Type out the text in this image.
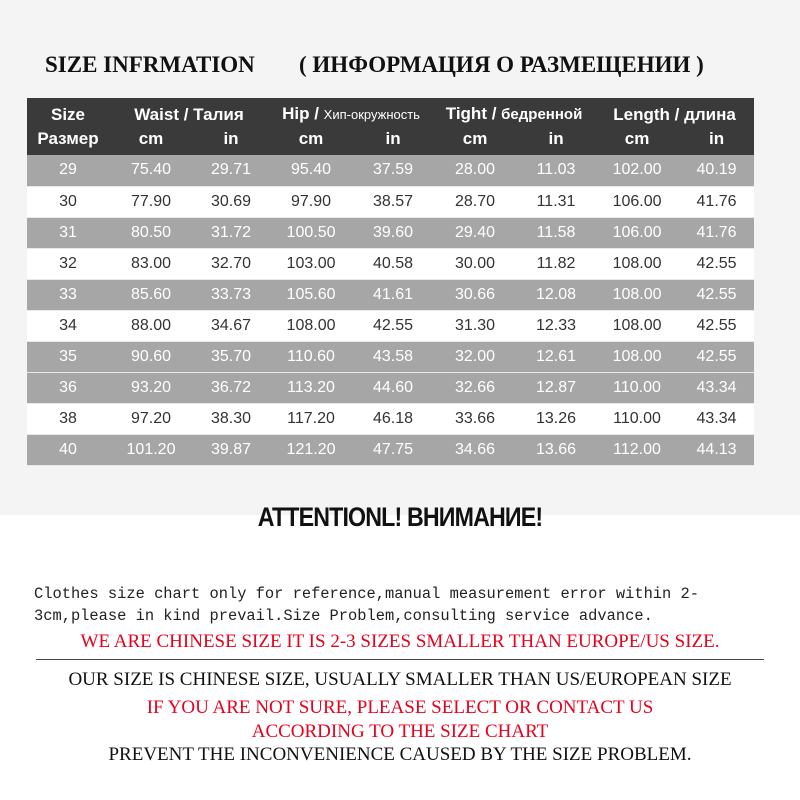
SIZE INFRMATION ( ИНФОРМАЦИЯ О РАЗМЕЩЕНИИ )
Size	Waist / Талия		Hip / Хип-окружность		Tight / бедренной		Length / длина	
Размер	cm	in	cm	in	cm	in	cm	in
29	75.40	29.71	95.40	37.59	28.00	11.03	102.00	40.19
30	77.90	30.69	97.90	38.57	28.70	11.31	106.00	41.76
31	80.50	31.72	100.50	39.60	29.40	11.58	106.00	41.76
32	83.00	32.70	103.00	40.58	30.00	11.82	108.00	42.55
33	85.60	33.73	105.60	41.61	30.66	12.08	108.00	42.55
34	88.00	34.67	108.00	42.55	31.30	12.33	108.00	42.55
35	90.60	35.70	110.60	43.58	32.00	12.61	108.00	42.55
36	93.20	36.72	113.20	44.60	32.66	12.87	110.00	43.34
38	97.20	38.30	117.20	46.18	33.66	13.26	110.00	43.34
40	101.20	39.87	121.20	47.75	34.66	13.66	112.00	44.13
ATTENTIONL! ВНИМАНИЕ!
Clothes size chart only for reference,manual measurement error within 2-
3cm,please in kind prevail.Size Problem,consulting service advance.
WE ARE CHINESE SIZE IT IS 2-3 SIZES SMALLER THAN EUROPE/US SIZE.
OUR SIZE IS CHINESE SIZE, USUALLY SMALLER THAN US/EUROPEAN SIZE
IF YOU ARE NOT SURE, PLEASE SELECT OR CONTACT US
ACCORDING TO THE SIZE CHART
PREVENT THE INCONVENIENCE CAUSED BY THE SIZE PROBLEM.
